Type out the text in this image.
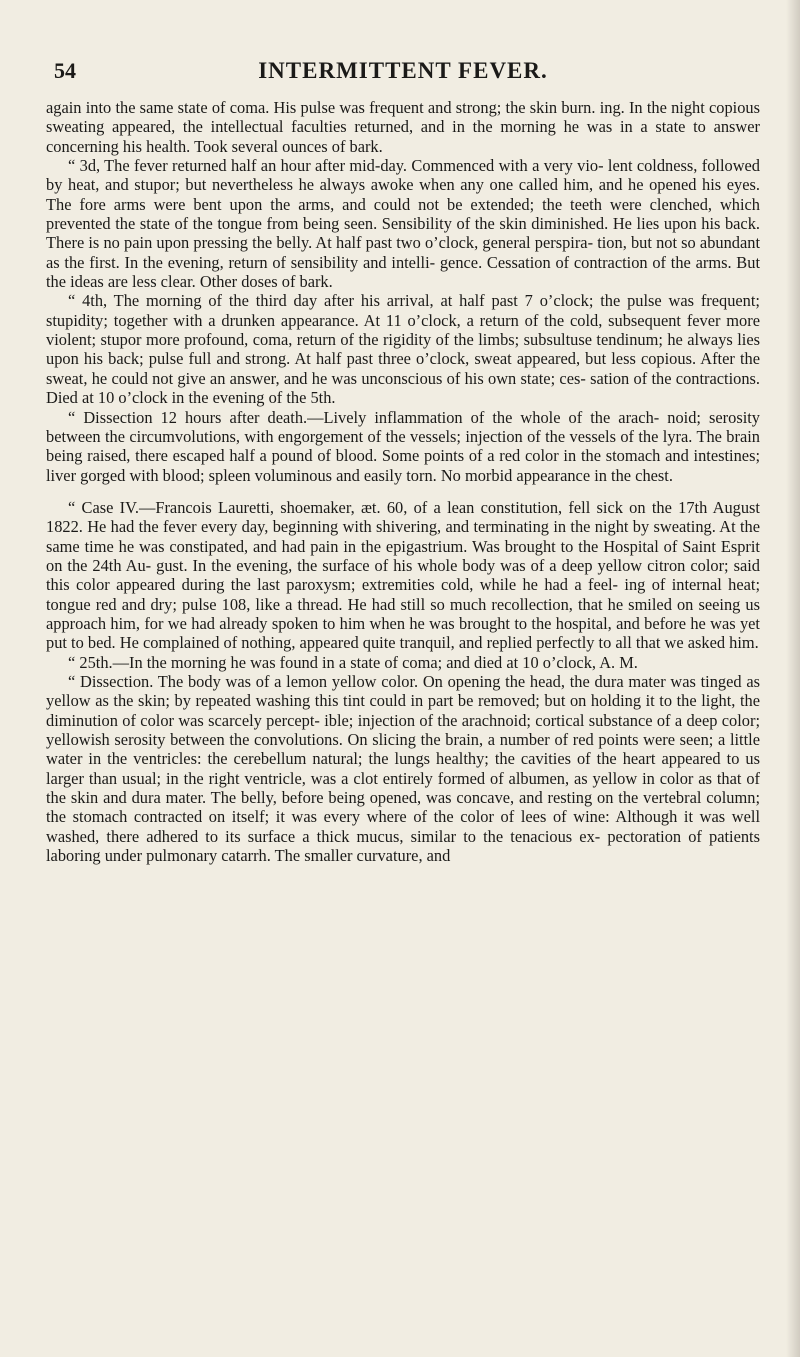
54	INTERMITTENT FEVER.

again into the same state of coma. His pulse was frequent and strong; the skin burn. ing. In the night copious sweating appeared, the intellectual faculties returned, and in the morning he was in a state to answer concerning his health. Took several ounces of bark.

“ 3d, The fever returned half an hour after mid-day. Commenced with a very vio- lent coldness, followed by heat, and stupor; but nevertheless he always awoke when any one called him, and he opened his eyes. The fore arms were bent upon the arms, and could not be extended; the teeth were clenched, which prevented the state of the tongue from being seen. Sensibility of the skin diminished. He lies upon his back. There is no pain upon pressing the belly. At half past two o’clock, general perspira- tion, but not so abundant as the first. In the evening, return of sensibility and intelli- gence. Cessation of contraction of the arms. But the ideas are less clear. Other doses of bark.

“ 4th, The morning of the third day after his arrival, at half past 7 o’clock; the pulse was frequent; stupidity; together with a drunken appearance. At 11 o’clock, a return of the cold, subsequent fever more violent; stupor more profound, coma, return of the rigidity of the limbs; subsultuse tendinum; he always lies upon his back; pulse full and strong. At half past three o’clock, sweat appeared, but less copious. After the sweat, he could not give an answer, and he was unconscious of his own state; ces- sation of the contractions. Died at 10 o’clock in the evening of the 5th.

“ Dissection 12 hours after death.—Lively inflammation of the whole of the arach- noid; serosity between the circumvolutions, with engorgement of the vessels; injection of the vessels of the lyra. The brain being raised, there escaped half a pound of blood. Some points of a red color in the stomach and intestines; liver gorged with blood; spleen voluminous and easily torn. No morbid appearance in the chest.

“ Case IV.—Francois Lauretti, shoemaker, æt. 60, of a lean constitution, fell sick on the 17th August 1822. He had the fever every day, beginning with shivering, and terminating in the night by sweating. At the same time he was constipated, and had pain in the epigastrium. Was brought to the Hospital of Saint Esprit on the 24th Au- gust. In the evening, the surface of his whole body was of a deep yellow citron color; said this color appeared during the last paroxysm; extremities cold, while he had a feel- ing of internal heat; tongue red and dry; pulse 108, like a thread. He had still so much recollection, that he smiled on seeing us approach him, for we had already spoken to him when he was brought to the hospital, and before he was yet put to bed. He complained of nothing, appeared quite tranquil, and replied perfectly to all that we asked him.

“ 25th.—In the morning he was found in a state of coma; and died at 10 o’clock, A. M.

“ Dissection. The body was of a lemon yellow color. On opening the head, the dura mater was tinged as yellow as the skin; by repeated washing this tint could in part be removed; but on holding it to the light, the diminution of color was scarcely percept- ible; injection of the arachnoid; cortical substance of a deep color; yellowish serosity between the convolutions. On slicing the brain, a number of red points were seen; a little water in the ventricles: the cerebellum natural; the lungs healthy; the cavities of the heart appeared to us larger than usual; in the right ventricle, was a clot entirely formed of albumen, as yellow in color as that of the skin and dura mater. The belly, before being opened, was concave, and resting on the vertebral column; the stomach contracted on itself; it was every where of the color of lees of wine: Although it was well washed, there adhered to its surface a thick mucus, similar to the tenacious ex- pectoration of patients laboring under pulmonary catarrh. The smaller curvature, and
